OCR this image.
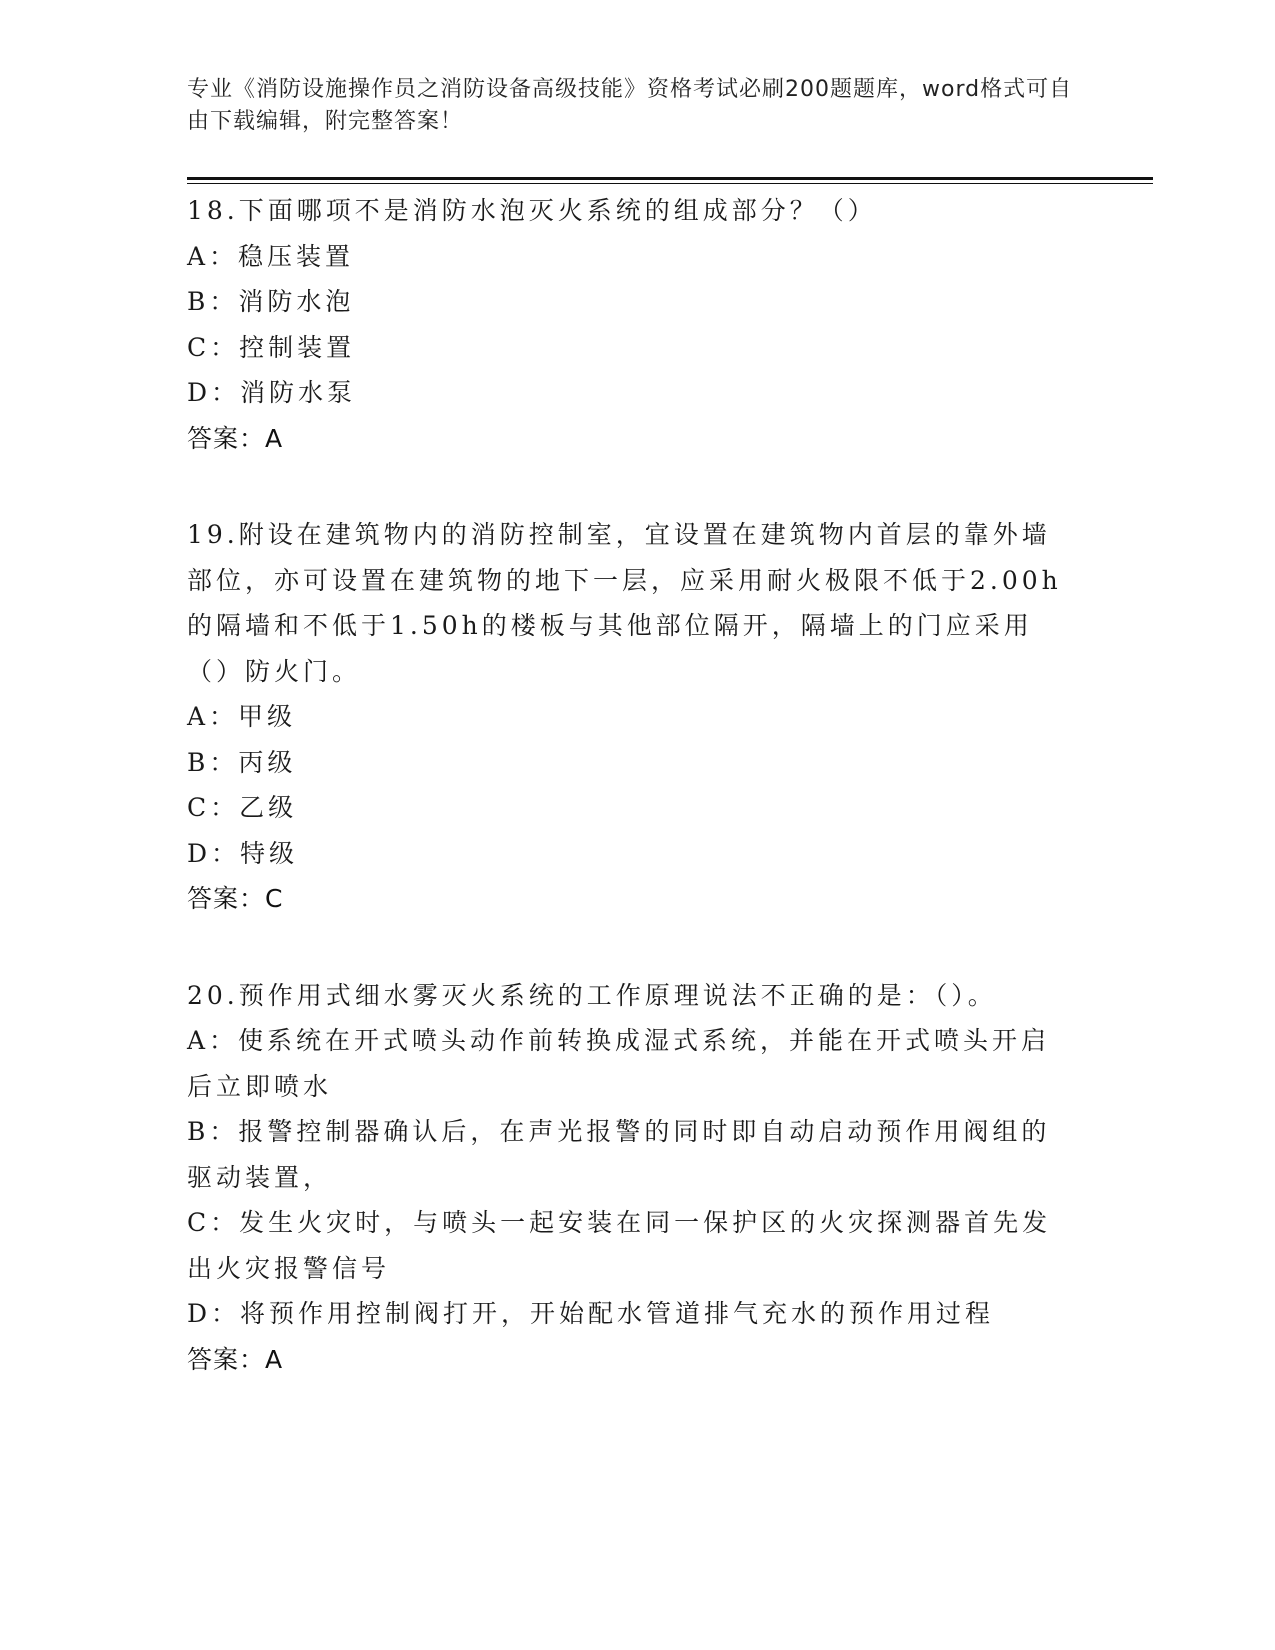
专业《消防设施操作员之消防设备高级技能》资格考试必刷200题题库，word格式可自由下载编辑，附完整答案！
18.下面哪项不是消防水泡灭火系统的组成部分？（）
A：稳压装置
B：消防水泡
C：控制装置
D：消防水泵
答案：A
19.附设在建筑物内的消防控制室，宜设置在建筑物内首层的靠外墙部位，亦可设置在建筑物的地下一层，应采用耐火极限不低于2.00h的隔墙和不低于1.50h的楼板与其他部位隔开，隔墙上的门应采用（）防火门。
A：甲级
B：丙级
C：乙级
D：特级
答案：C
20.预作用式细水雾灭火系统的工作原理说法不正确的是：（）。
A：使系统在开式喷头动作前转换成湿式系统，并能在开式喷头开启后立即喷水
B：报警控制器确认后，在声光报警的同时即自动启动预作用阀组的驱动装置，
C：发生火灾时，与喷头一起安装在同一保护区的火灾探测器首先发出火灾报警信号
D：将预作用控制阀打开，开始配水管道排气充水的预作用过程
答案：A
